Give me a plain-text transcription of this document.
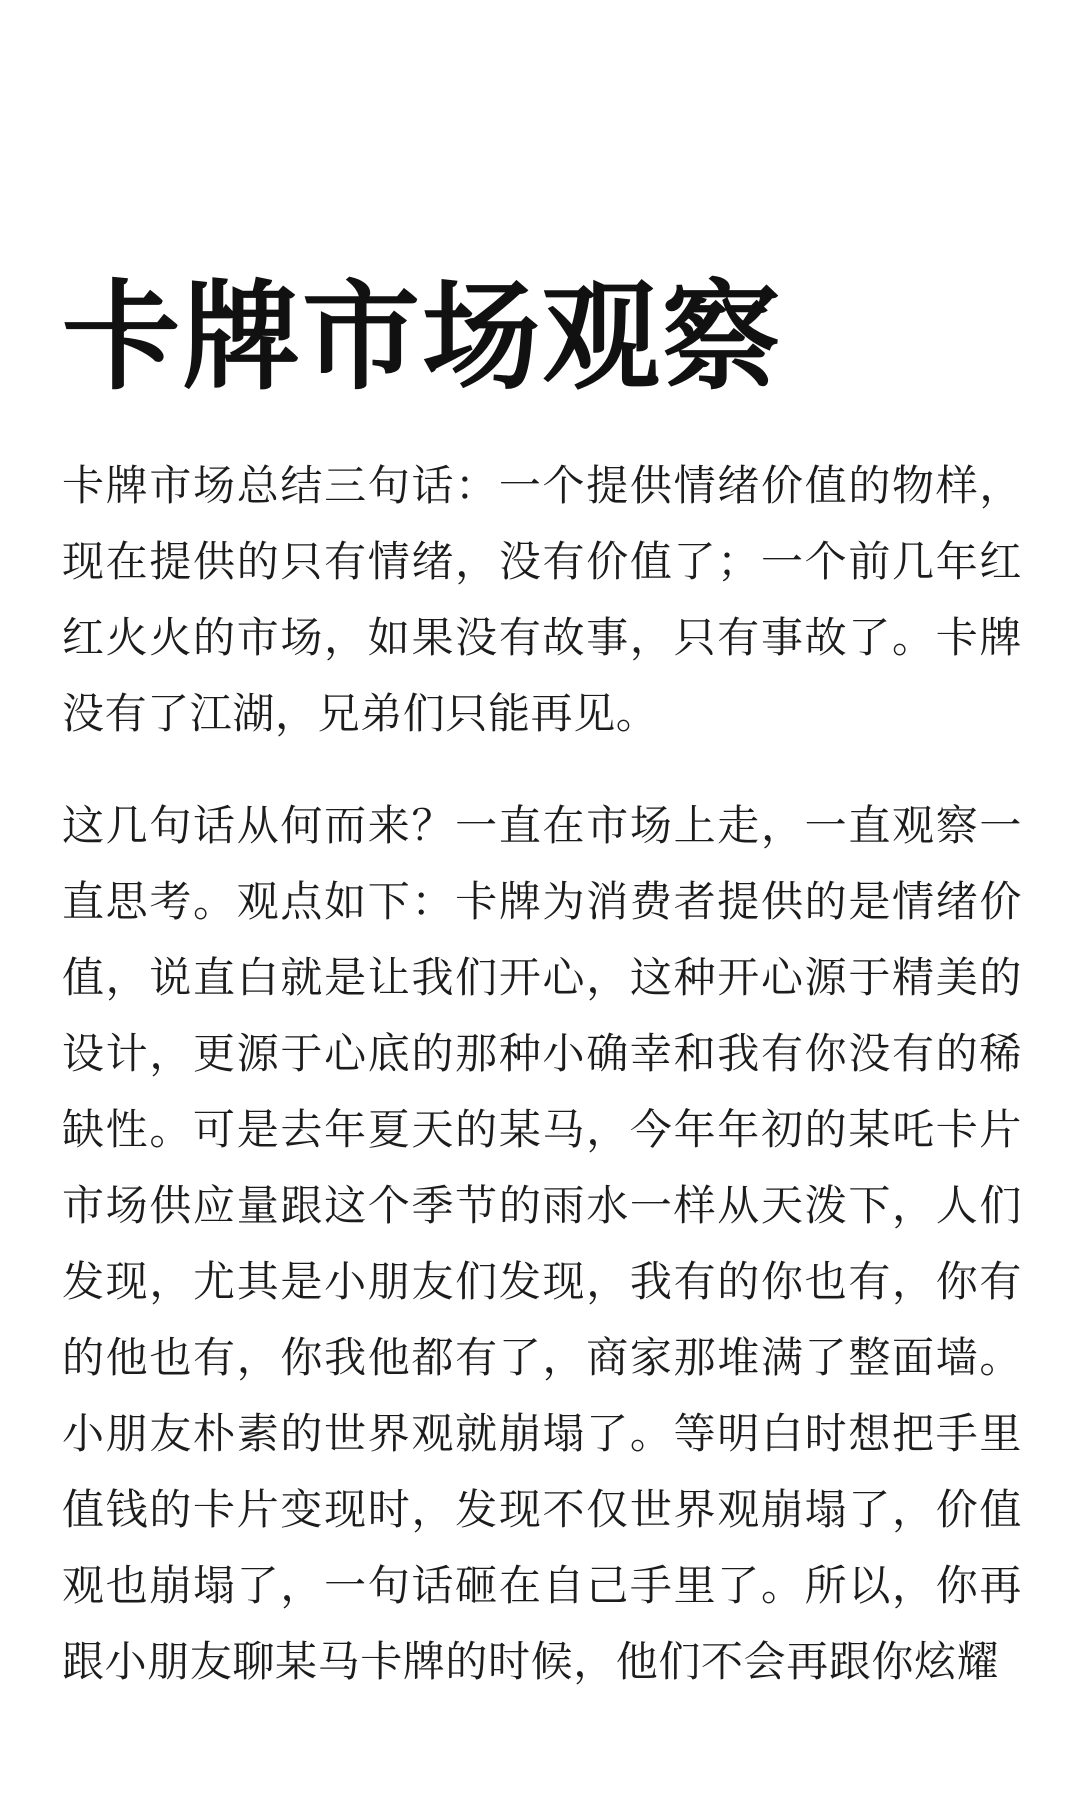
卡牌市场观察

卡牌市场总结三句话：一个提供情绪价值的物样，现在提供的只有情绪，没有价值了；一个前几年红红火火的市场，如果没有故事，只有事故了。卡牌没有了江湖，兄弟们只能再见。

这几句话从何而来？一直在市场上走，一直观察一直思考。观点如下：卡牌为消费者提供的是情绪价值，说直白就是让我们开心，这种开心源于精美的设计，更源于心底的那种小确幸和我有你没有的稀缺性。可是去年夏天的某马，今年年初的某吒卡片市场供应量跟这个季节的雨水一样从天泼下，人们发现，尤其是小朋友们发现，我有的你也有，你有的他也有，你我他都有了，商家那堆满了整面墙。小朋友朴素的世界观就崩塌了。等明白时想把手里值钱的卡片变现时，发现不仅世界观崩塌了，价值观也崩塌了，一句话砸在自己手里了。所以，你再跟小朋友聊某马卡牌的时候，他们不会再跟你炫耀
